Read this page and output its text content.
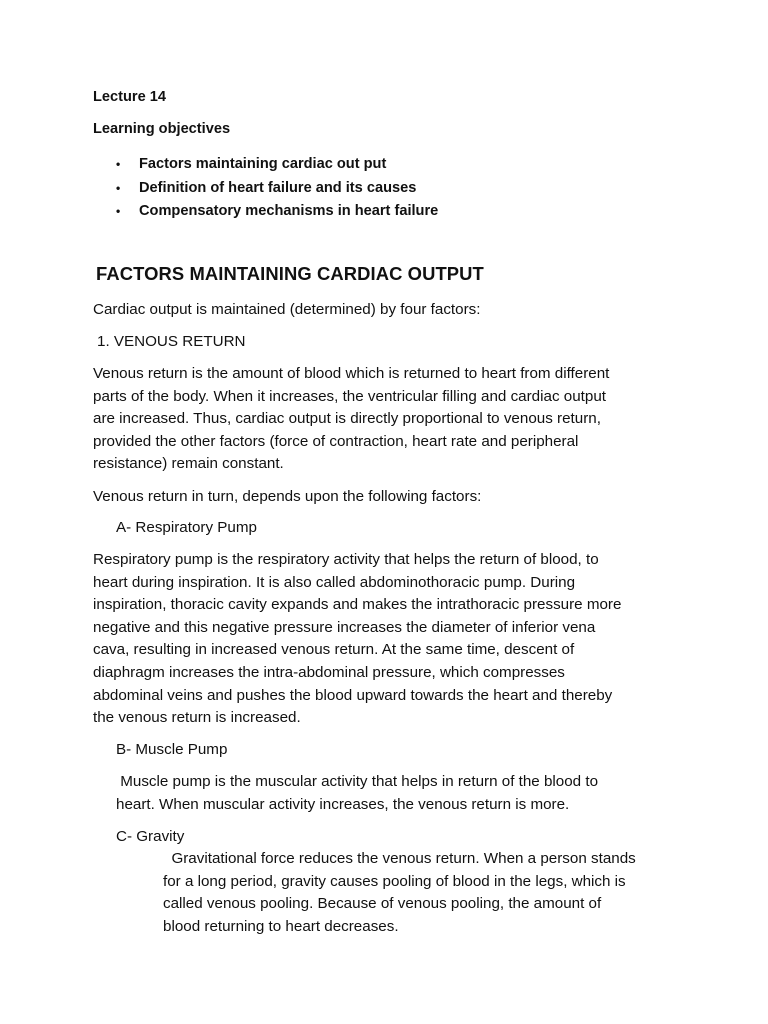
Lecture 14
Learning objectives
• Factors maintaining cardiac out put
• Definition of heart failure and its causes
• Compensatory mechanisms in heart failure
FACTORS MAINTAINING CARDIAC OUTPUT
Cardiac output is maintained (determined) by four factors:
1. VENOUS RETURN
Venous return is the amount of blood which is returned to heart from different
parts of the body. When it increases, the ventricular filling and cardiac output
are increased. Thus, cardiac output is directly proportional to venous return,
provided the other factors (force of contraction, heart rate and peripheral
resistance) remain constant.
Venous return in turn, depends upon the following factors:
A- Respiratory Pump
Respiratory pump is the respiratory activity that helps the return of blood, to
heart during inspiration. It is also called abdominothoracic pump. During
inspiration, thoracic cavity expands and makes the intrathoracic pressure more
negative and this negative pressure increases the diameter of inferior vena
cava, resulting in increased venous return. At the same time, descent of
diaphragm increases the intra-abdominal pressure, which compresses
abdominal veins and pushes the blood upward towards the heart and thereby
the venous return is increased.
B- Muscle Pump
Muscle pump is the muscular activity that helps in return of the blood to
heart. When muscular activity increases, the venous return is more.
C- Gravity
Gravitational force reduces the venous return. When a person stands
for a long period, gravity causes pooling of blood in the legs, which is
called venous pooling. Because of venous pooling, the amount of
blood returning to heart decreases.
